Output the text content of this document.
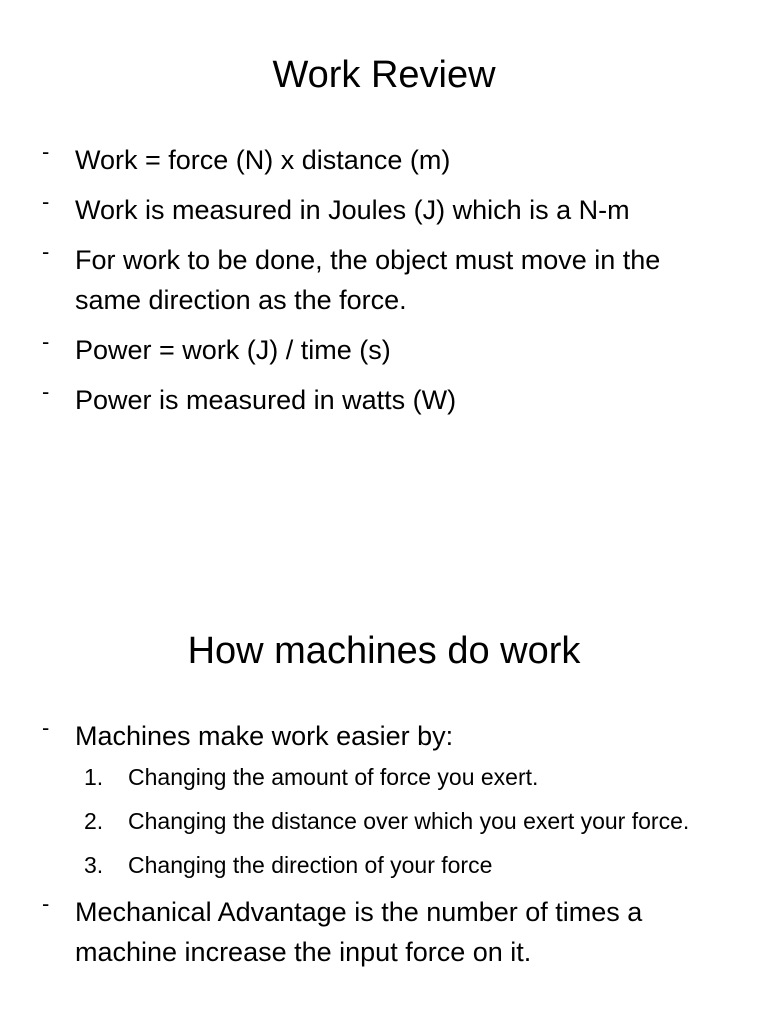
Work Review
- Work = force (N) x distance (m)
- Work is measured in Joules (J) which is a N-m
- For work to be done, the object must move in the same direction as the force.
- Power = work (J) / time (s)
- Power is measured in watts (W)
How machines do work
- Machines make work easier by:
1. Changing the amount of force you exert.
2. Changing the distance over which you exert your force.
3. Changing the direction of your force
- Mechanical Advantage is the number of times a machine increase the input force on it.
